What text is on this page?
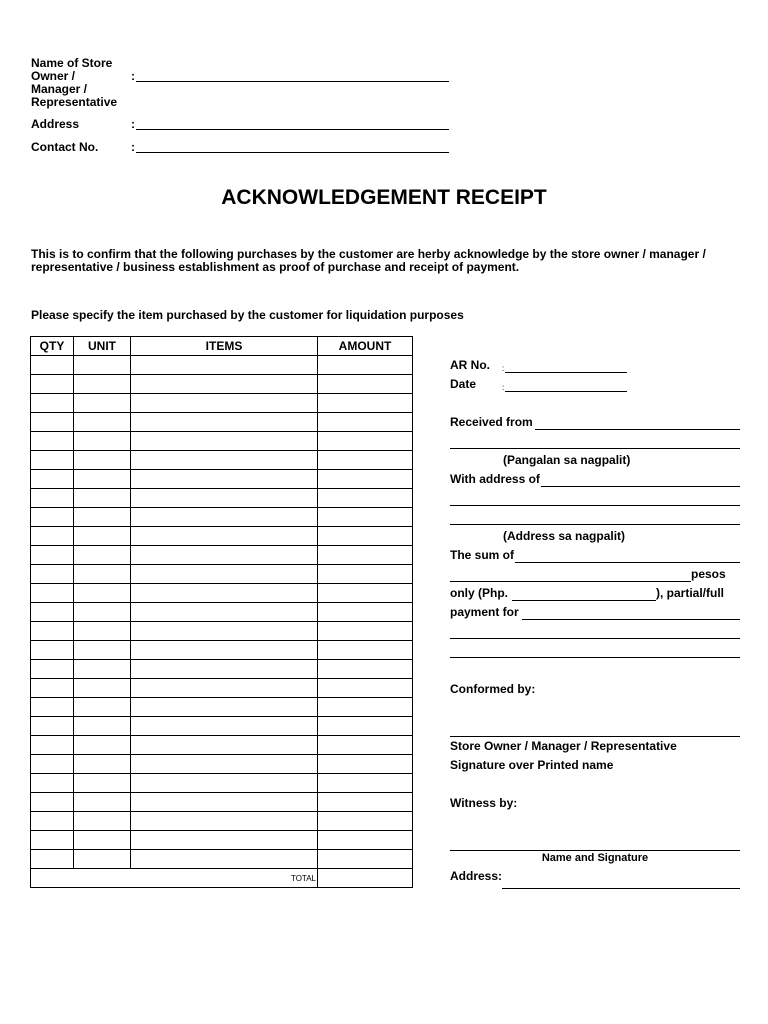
Name of Store
Owner /
Manager /
Representative
:
Address	:
Contact No.	:
ACKNOWLEDGEMENT RECEIPT
This is to confirm that the following purchases by the customer are herby acknowledge by the store owner / manager /
representative / business establishment as proof of purchase and receipt of payment.
Please specify the item purchased by the customer for liquidation purposes
QTY	UNIT	ITEMS	AMOUNT

TOTAL			
AR No. :
Date	:
Received from
(Pangalan sa nagpalit)
With address of
(Address sa nagpalit)
The sum of
pesos
only (Php.	), partial/full
payment for
Conformed by:
Store Owner / Manager / Representative
Signature over Printed name
Witness by:
Name and Signature
Address:
